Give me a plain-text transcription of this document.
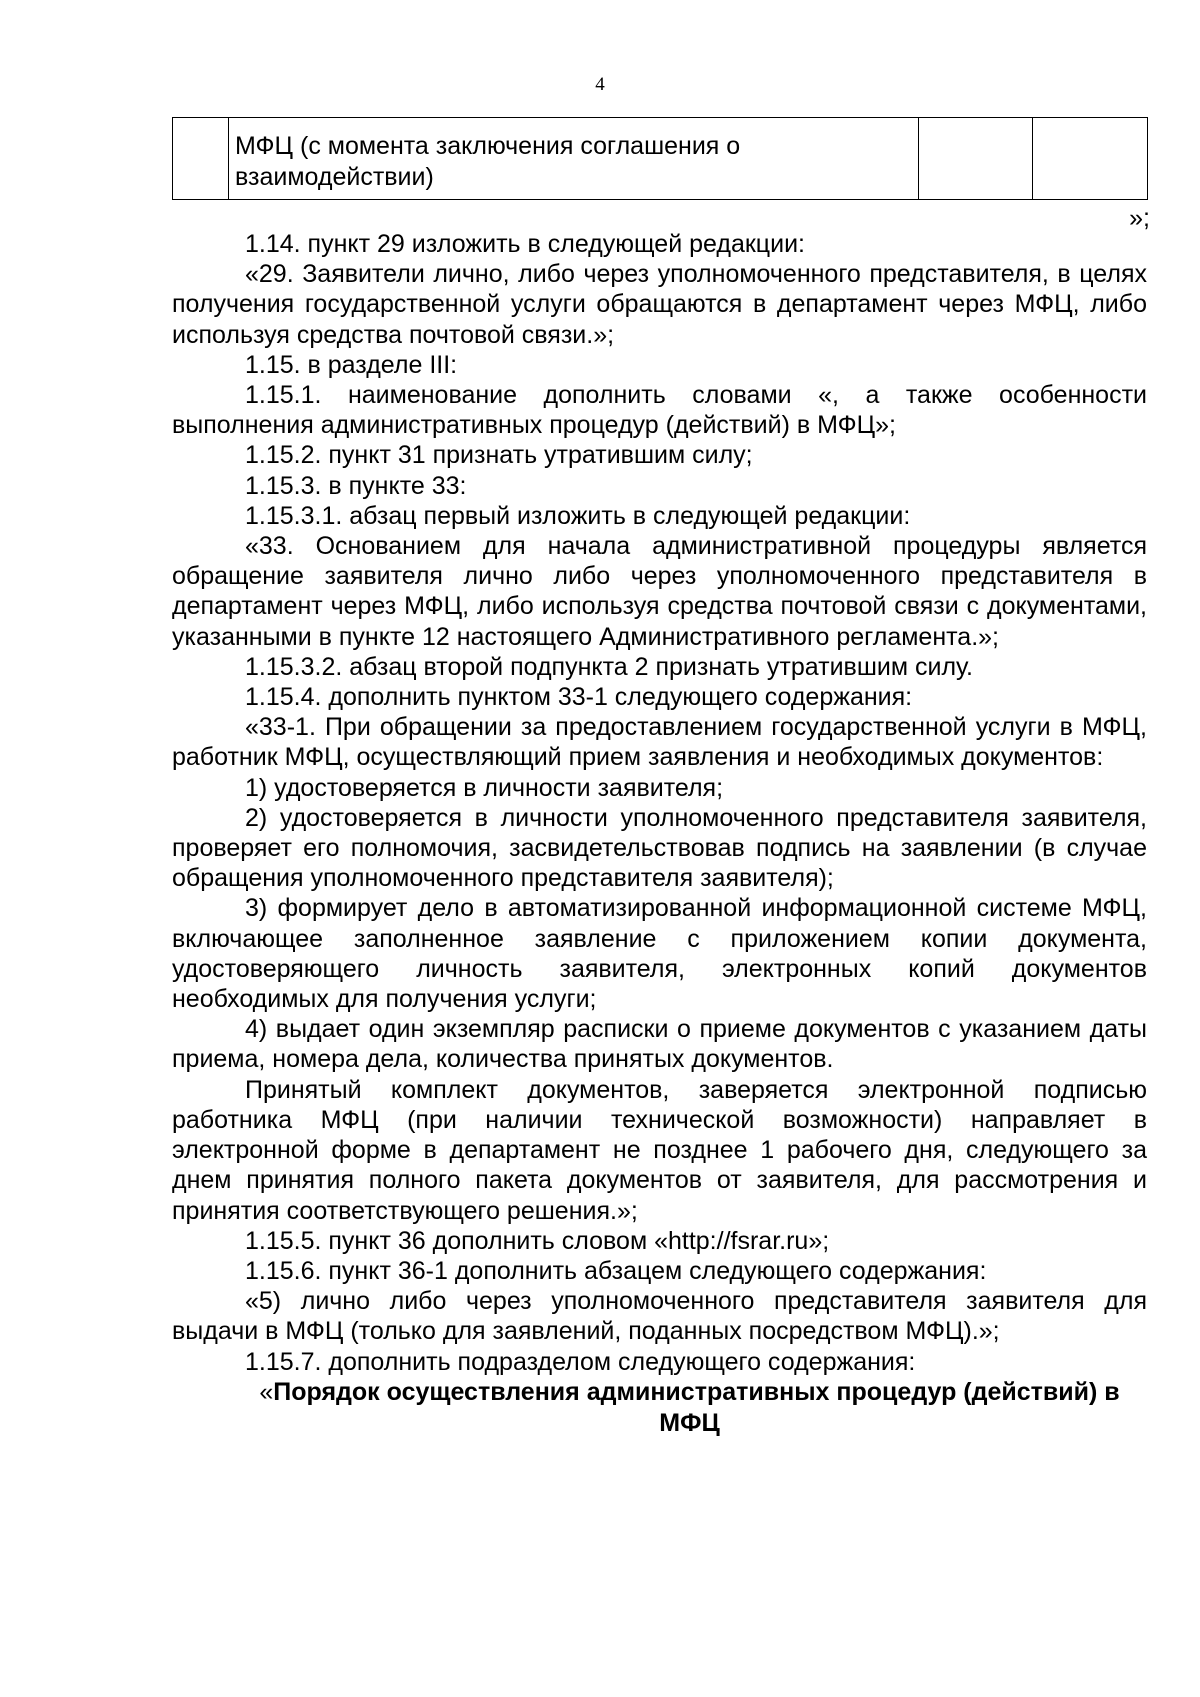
4
	МФЦ (с момента заключения соглашения о взаимодействии)		
»;

1.14. пункт 29 изложить в следующей редакции:

«29. Заявители лично, либо через уполномоченного представителя, в целях получения государственной услуги обращаются в департамент через МФЦ, либо используя средства почтовой связи.»;

1.15. в разделе III:

1.15.1. наименование дополнить словами «, а также особенности выполнения административных процедур (действий) в МФЦ»;

1.15.2. пункт 31 признать утратившим силу;

1.15.3. в пункте 33:

1.15.3.1. абзац первый изложить в следующей редакции:

«33. Основанием для начала административной процедуры является обращение заявителя лично либо через уполномоченного представителя в департамент через МФЦ, либо используя средства почтовой связи с документами, указанными в пункте 12 настоящего Административного регламента.»;

1.15.3.2. абзац второй подпункта 2 признать утратившим силу.

1.15.4. дополнить пунктом 33-1 следующего содержания:

«33-1. При обращении за предоставлением государственной услуги в МФЦ, работник МФЦ, осуществляющий прием заявления и необходимых документов:

1) удостоверяется в личности заявителя;

2) удостоверяется в личности уполномоченного представителя заявителя, проверяет его полномочия, засвидетельствовав подпись на заявлении (в случае обращения уполномоченного представителя заявителя);

3) формирует дело в автоматизированной информационной системе МФЦ, включающее заполненное заявление с приложением копии документа, удостоверяющего личность заявителя, электронных копий документов необходимых для получения услуги;

4) выдает один экземпляр расписки о приеме документов с указанием даты приема, номера дела, количества принятых документов.

Принятый комплект документов, заверяется электронной подписью работника МФЦ (при наличии технической возможности) направляет в электронной форме в департамент не позднее 1 рабочего дня, следующего за днем принятия полного пакета документов от заявителя, для рассмотрения и принятия соответствующего решения.»;

1.15.5. пункт 36 дополнить словом «http://fsrar.ru»;

1.15.6. пункт 36-1 дополнить абзацем следующего содержания:

«5) лично либо через уполномоченного представителя заявителя для выдачи в МФЦ (только для заявлений, поданных посредством МФЦ).»;

1.15.7. дополнить подразделом следующего содержания:

«Порядок осуществления административных процедур (действий) в МФЦ
